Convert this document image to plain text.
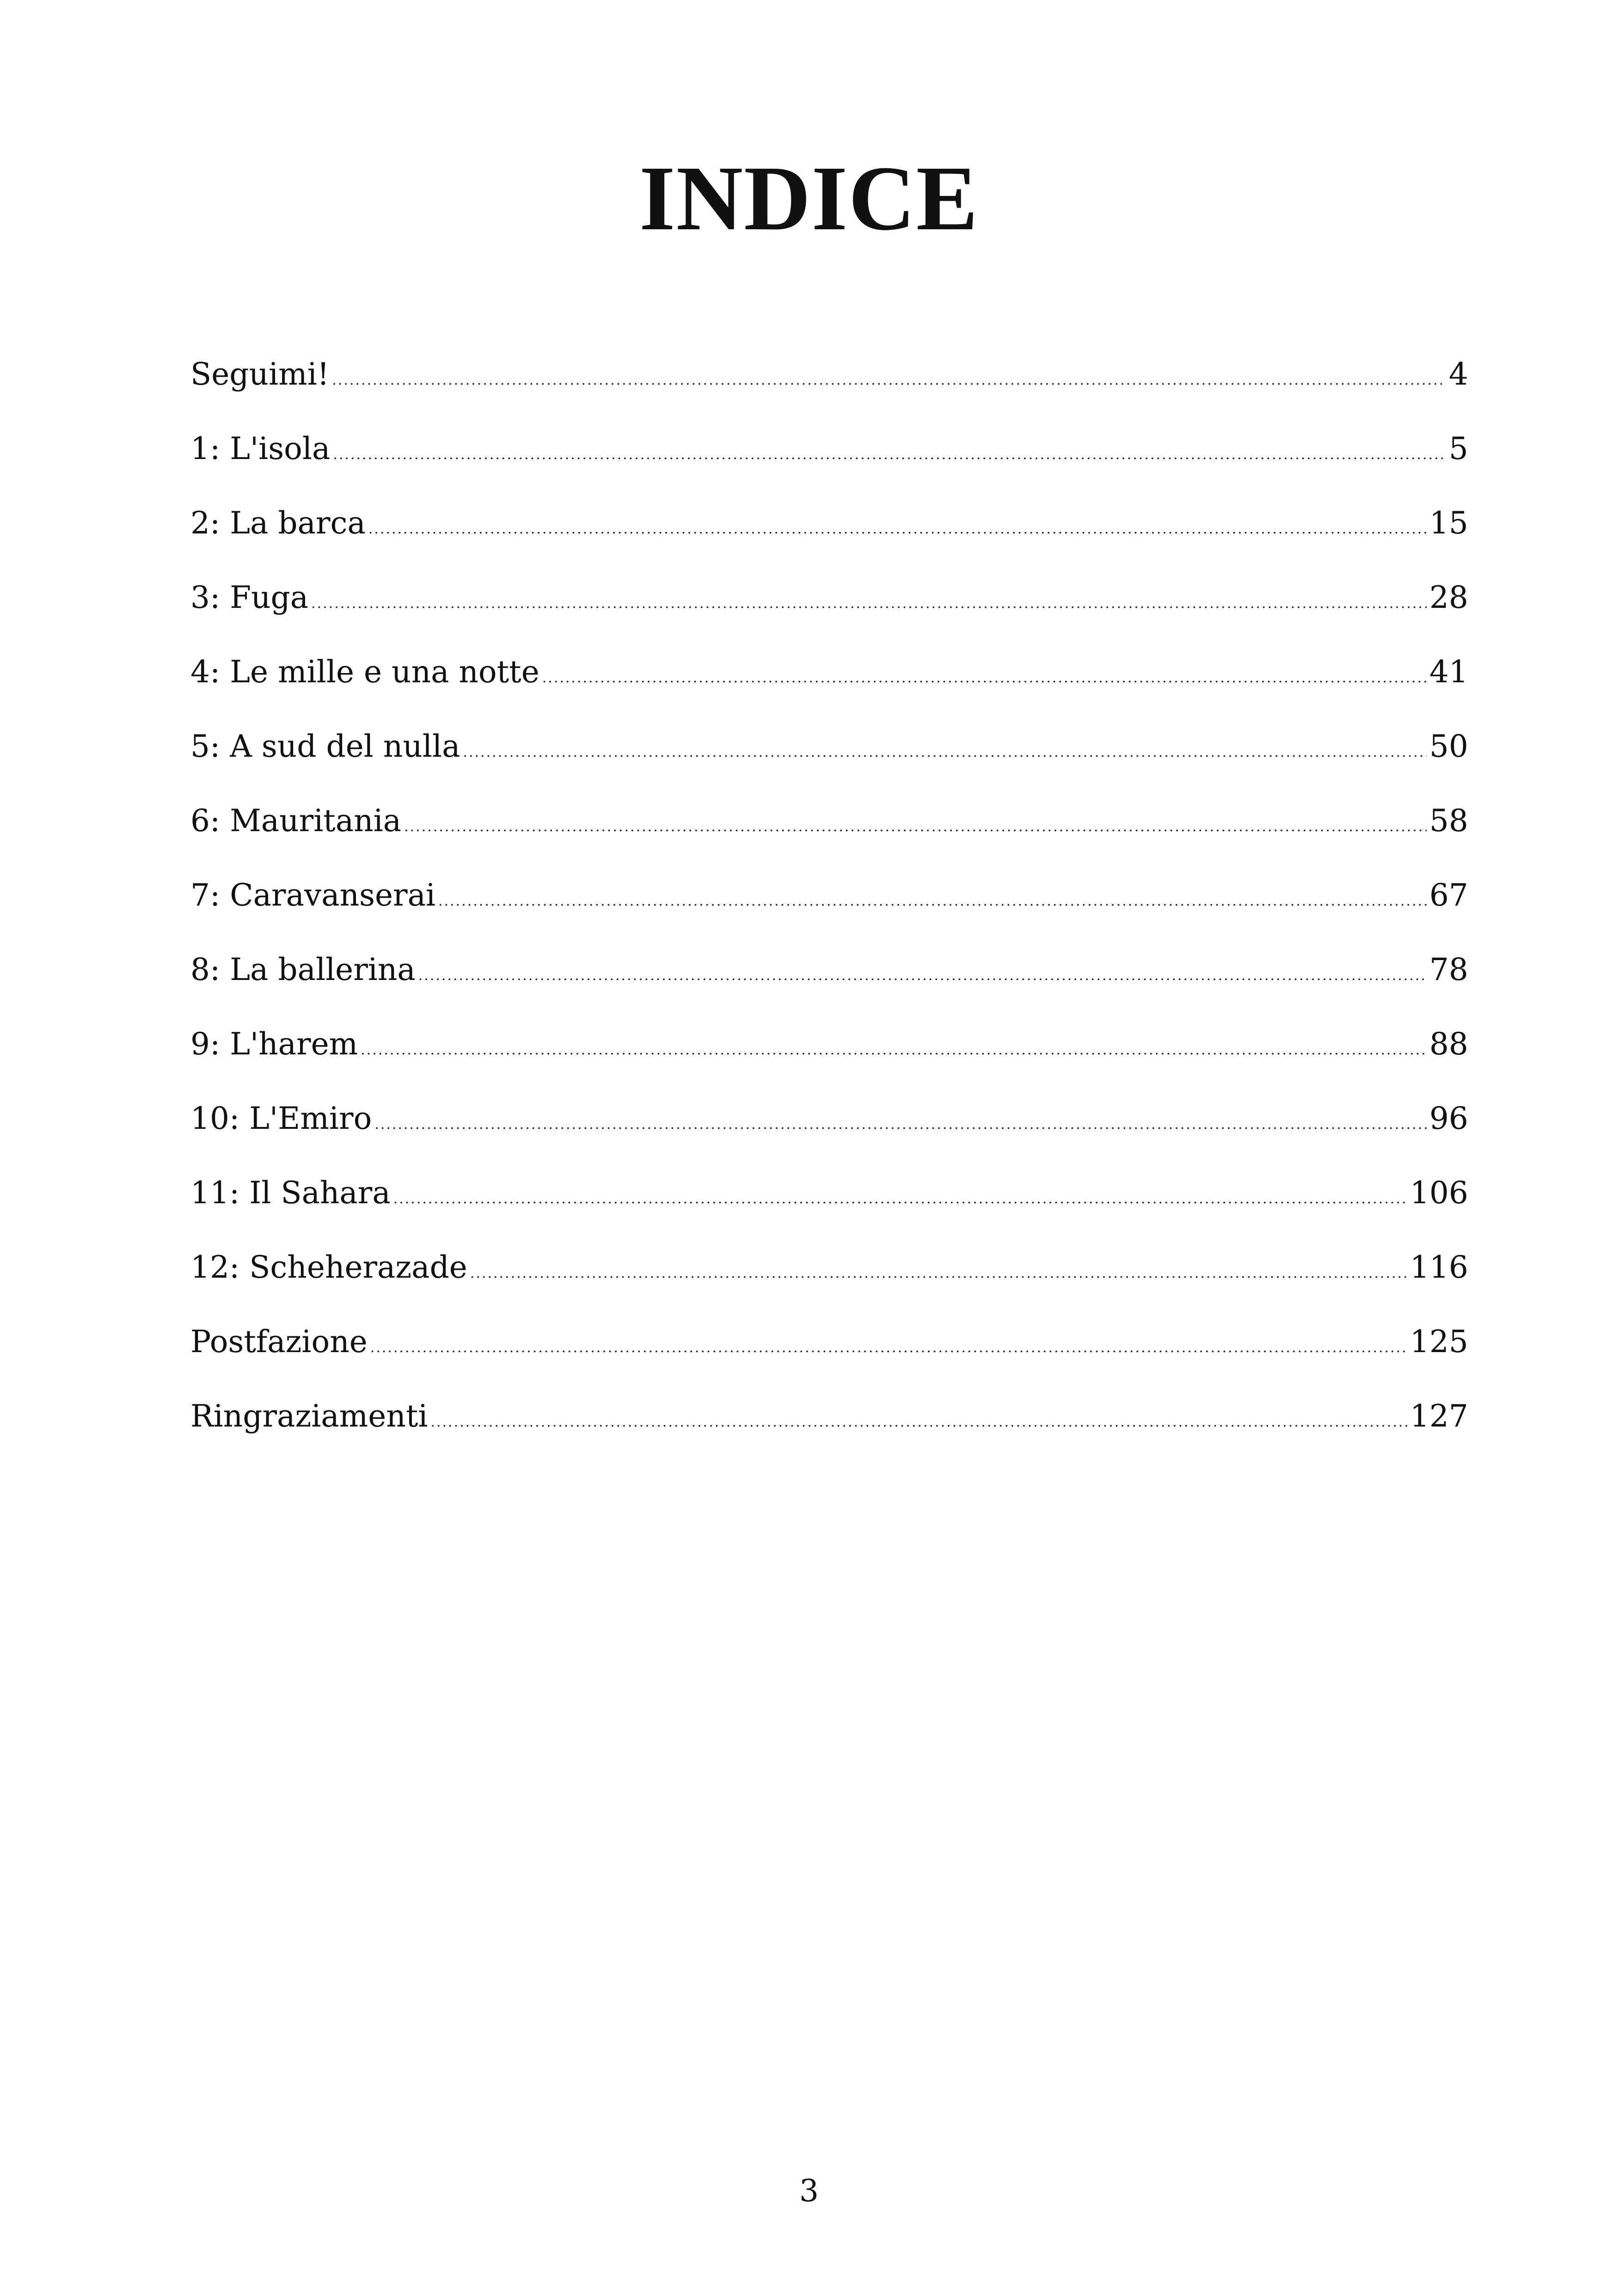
INDICE
Seguimi! .....	4
1: L'isola .....	5
2: La barca .....	15
3: Fuga .....	28
4: Le mille e una notte .....	41
5: A sud del nulla .....	50
6: Mauritania .....	58
7: Caravanserai .....	67
8: La ballerina .....	78
9: L'harem .....	88
10: L'Emiro .....	96
11: Il Sahara .....	106
12: Scheherazade .....	116
Postfazione .....	125
Ringraziamenti .....	127
3
